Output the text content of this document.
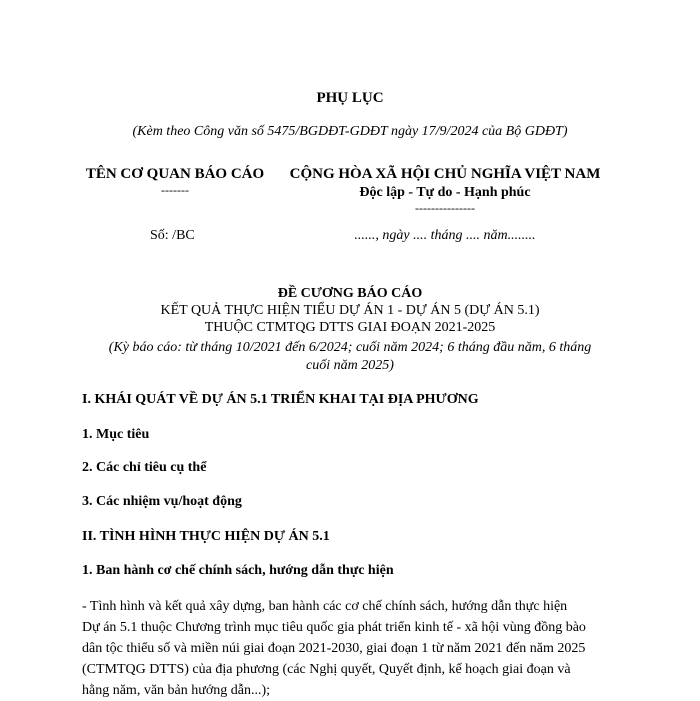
PHỤ LỤC
(Kèm theo Công văn số 5475/BGDĐT-GDĐT ngày 17/9/2024 của Bộ GDĐT)
TÊN CƠ QUAN BÁO CÁO
-------
Số: /BC
CỘNG HÒA XÃ HỘI CHỦ NGHĨA VIỆT NAM
Độc lập - Tự do - Hạnh phúc
---------------
......, ngày .... tháng .... năm........
ĐỀ CƯƠNG BÁO CÁO
KẾT QUẢ THỰC HIỆN TIỂU DỰ ÁN 1 - DỰ ÁN 5 (DỰ ÁN 5.1)
THUỘC CTMTQG DTTS GIAI ĐOẠN 2021-2025
(Kỳ báo cáo: từ tháng 10/2021 đến 6/2024; cuối năm 2024; 6 tháng đầu năm, 6 tháng
cuối năm 2025)
I. KHÁI QUÁT VỀ DỰ ÁN 5.1 TRIỂN KHAI TẠI ĐỊA PHƯƠNG
1. Mục tiêu
2. Các chỉ tiêu cụ thể
3. Các nhiệm vụ/hoạt động
II. TÌNH HÌNH THỰC HIỆN DỰ ÁN 5.1
1. Ban hành cơ chế chính sách, hướng dẫn thực hiện
- Tình hình và kết quả xây dựng, ban hành các cơ chế chính sách, hướng dẫn thực hiện
Dự án 5.1 thuộc Chương trình mục tiêu quốc gia phát triển kinh tế - xã hội vùng đồng bào
dân tộc thiểu số và miền núi giai đoạn 2021-2030, giai đoạn 1 từ năm 2021 đến năm 2025
(CTMTQG DTTS) của địa phương (các Nghị quyết, Quyết định, kế hoạch giai đoạn và
hằng năm, văn bản hướng dẫn...);
